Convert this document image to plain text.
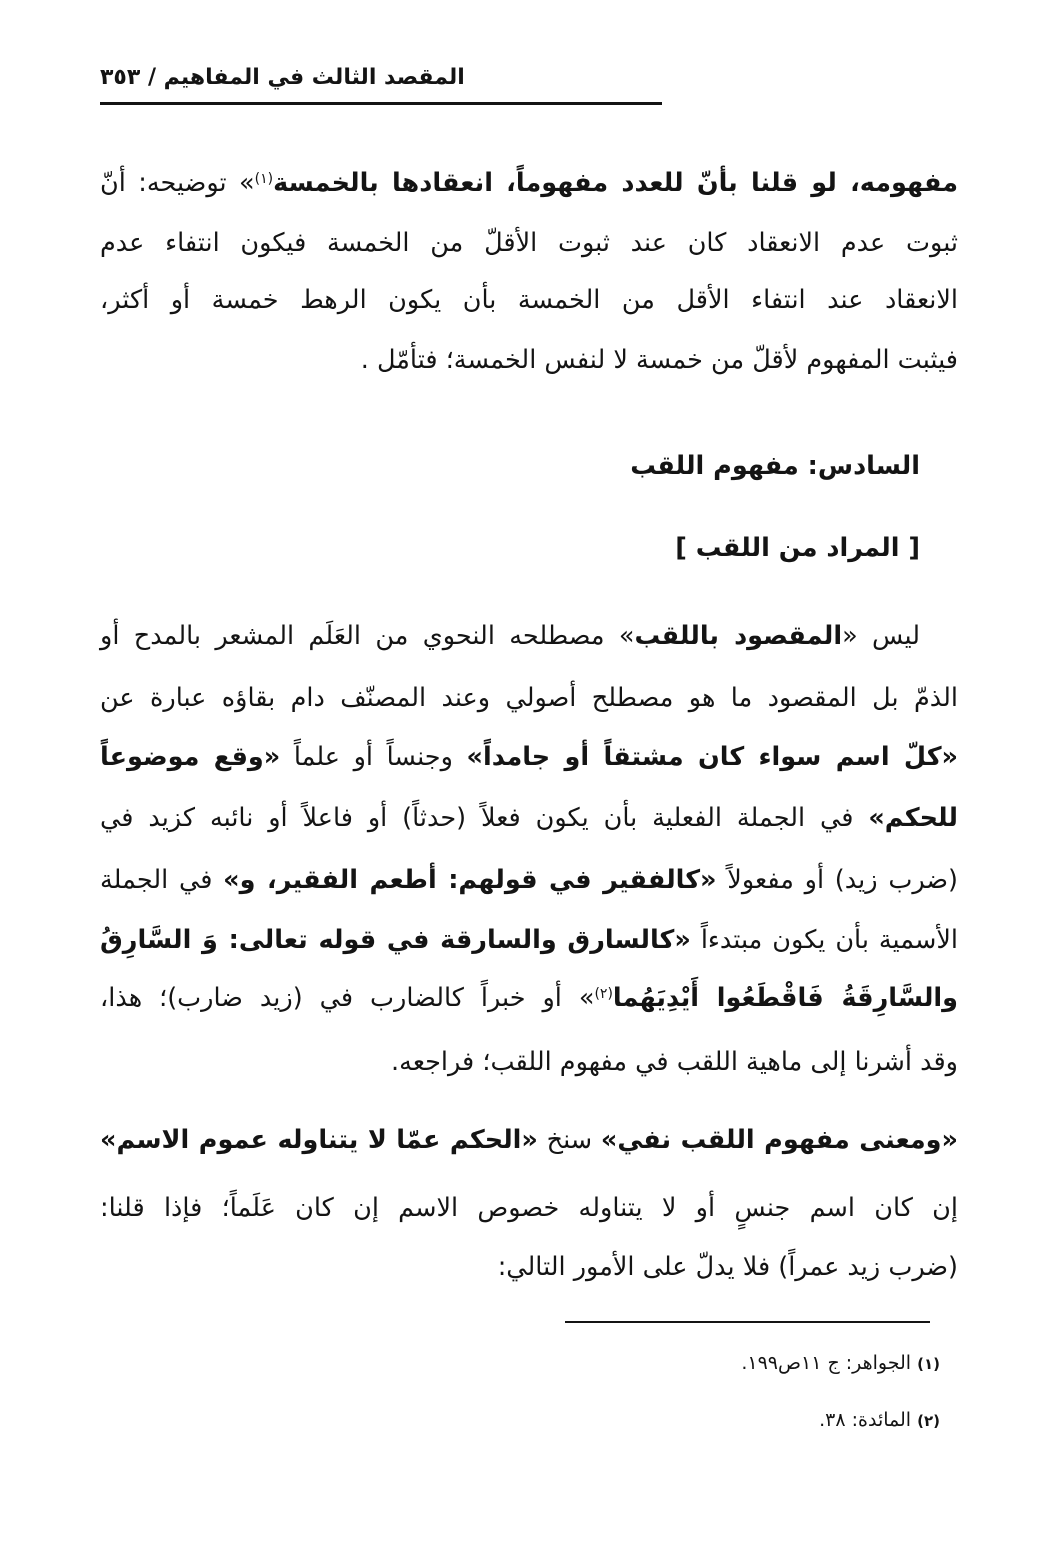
المقصد الثالث في المفاهيم / ٣٥٣
مفهومه، لو قلنا بأنّ للعدد مفهوماً، انعقادها بالخمسة$^{(١)}$» توضيحه: أنّ
ثبوت عدم الانعقاد كان عند ثبوت الأقلّ من الخمسة فيكون انتفاء عدم
الانعقاد عند انتفاء الأقل من الخمسة بأن يكون الرهط خمسة أو أكثر،
فيثبت المفهوم لأقلّ من خمسة لا لنفس الخمسة؛ فتأمّل .
السادس: مفهوم اللقب
[ المراد من اللقب ]
ليس «المقصود باللقب» مصطلحه النحوي من العَلَم المشعر بالمدح أو
الذمّ بل المقصود ما هو مصطلح أصولي وعند المصنّف دام بقاؤه عبارة عن
«كلّ اسم سواء كان مشتقاً أو جامداً» وجنساً أو علماً «وقع موضوعاً
للحكم» في الجملة الفعلية بأن يكون فعلاً (حدثاً) أو فاعلاً أو نائبه كزيد في
(ضرب زيد) أو مفعولاً «كالفقير في قولهم: أطعم الفقير، و» في الجملة
الأسمية بأن يكون مبتدءاً «كالسارق والسارقة في قوله تعالى: وَ السَّارِقُ
والسَّارِقَةُ فَاقْطَعُوا أَيْدِيَهُما$^{(٢)}$» أو خبراً كالضارب في (زيد ضارب)؛ هذا،
وقد أشرنا إلى ماهية اللقب في مفهوم اللقب؛ فراجعه.
«ومعنى مفهوم اللقب نفي» سنخ «الحكم عمّا لا يتناوله عموم الاسم»
إن كان اسم جنسٍ أو لا يتناوله خصوص الاسم إن كان عَلَماً؛ فإذا قلنا:
(ضرب زيد عمراً) فلا يدلّ على الأمور التالي:
(١) الجواهر: ج ١١ص١٩٩.
(٢) المائدة: ٣٨.
